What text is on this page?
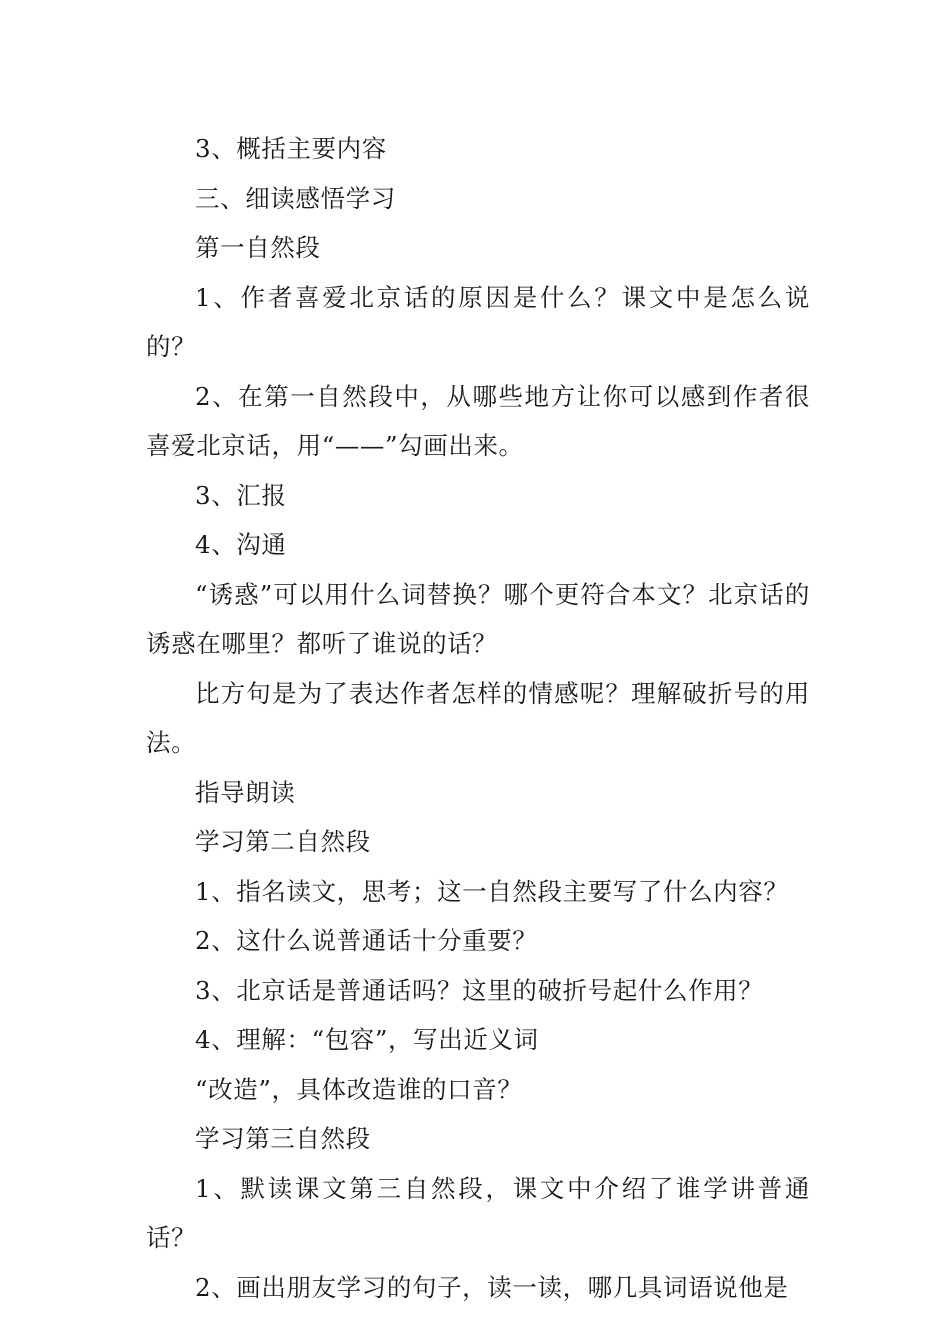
3、概括主要内容

三、细读感悟学习

第一自然段

1、作者喜爱北京话的原因是什么？课文中是怎么说的？

2、在第一自然段中，从哪些地方让你可以感到作者很喜爱北京话，用“——”勾画出来。

3、汇报

4、沟通

“诱惑”可以用什么词替换？哪个更符合本文？北京话的诱惑在哪里？都听了谁说的话？

比方句是为了表达作者怎样的情感呢？理解破折号的用法。

指导朗读

学习第二自然段

1、指名读文，思考；这一自然段主要写了什么内容？

2、这什么说普通话十分重要？

3、北京话是普通话吗？这里的破折号起什么作用？

4、理解：“包容”，写出近义词

“改造”，具体改造谁的口音？

学习第三自然段

1、默读课文第三自然段，课文中介绍了谁学讲普通话？

2、画出朋友学习的句子，读一读，哪几具词语说他是
